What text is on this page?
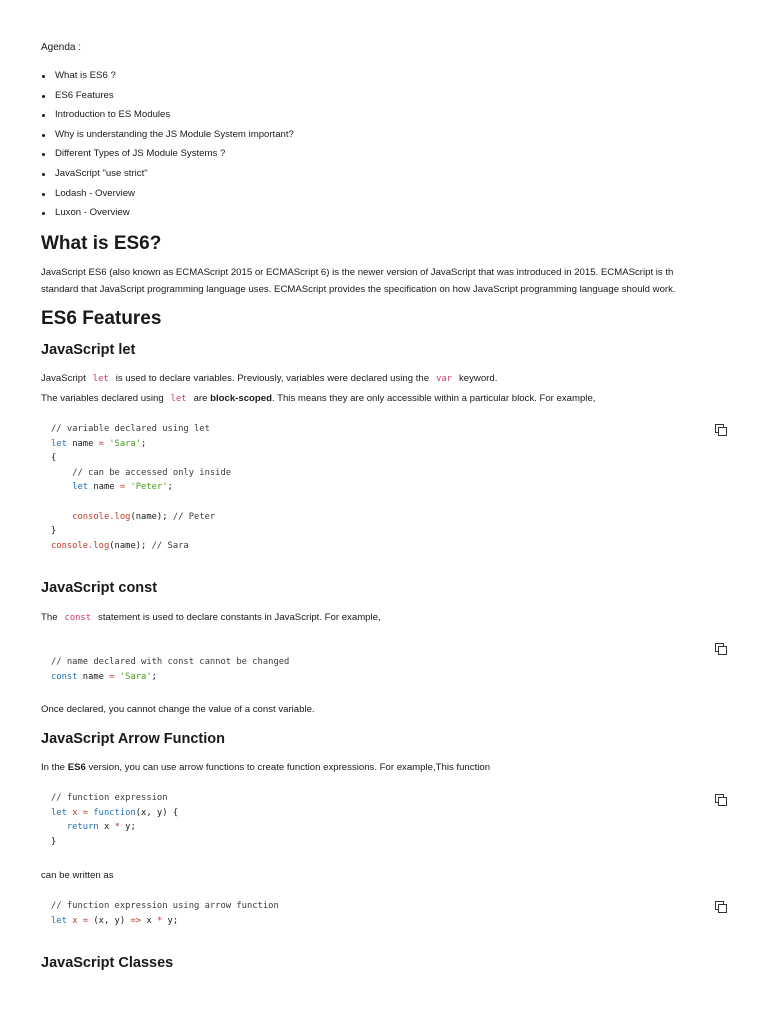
Agenda :

What is ES6 ?
ES6 Features
Introduction to ES Modules
Why is understanding the JS Module System important?
Different Types of JS Module Systems ?
JavaScript "use strict"
Lodash - Overview
Luxon - Overview
What is ES6?

JavaScript ES6 (also known as ECMAScript 2015 or ECMAScript 6) is the newer version of JavaScript that was introduced in 2015. ECMAScript is th

standard that JavaScript programming language uses. ECMAScript provides the specification on how JavaScript programming language should work.

ES6 Features
JavaScript let

JavaScript let is used to declare variables. Previously, variables were declared using the var keyword.

The variables declared using let are block-scoped. This means they are only accessible within a particular block. For example,

// variable declared using let
let name = 'Sara';
{
// can be accessed only inside
let name = 'Peter';

console.log(name); // Peter
}
console.log(name); // Sara
JavaScript const

The const statement is used to declare constants in JavaScript. For example,

// name declared with const cannot be changed
const name = 'Sara';

Once declared, you cannot change the value of a const variable.

JavaScript Arrow Function

In the ES6 version, you can use arrow functions to create function expressions. For example,This function

// function expression
let x = function(x, y) {
return x * y;
}

can be written as

// function expression using arrow function
let x = (x, y) => x * y;
JavaScript Classes
